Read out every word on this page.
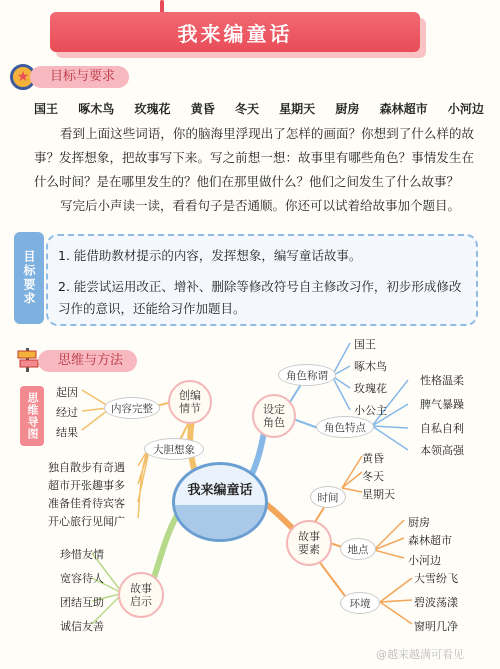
我来编童话
★	目标与要求
国王 啄木鸟 玫瑰花 黄昏 冬天 星期天 厨房 森林超市 小河边

看到上面这些词语，你的脑海里浮现出了怎样的画面？你想到了什么样的故事？发挥想象，把故事写下来。写之前想一想：故事里有哪些角色？事情发生在什么时间？是在哪里发生的？他们在那里做什么？他们之间发生了什么故事？

写完后小声读一读，看看句子是否通顺。你还可以试着给故事加个题目。

目标要求	1. 能借助教材提示的内容，发挥想象，编写童话故事。
2. 能尝试运用改正、增补、删除等修改符号自主修改习作，初步形成修改习作的意识，还能给习作加题目。
思维与方法
思维导图
我来编童话
创编情节
内容完整
起因
经过
结果
大胆想象
独自散步有奇遇
超市开张趣事多
准备佳肴待宾客
开心旅行见闻广
故事启示
珍惜友情
宽容待人
团结互助
诚信友善
设定角色
角色称谓
国王
啄木鸟
玫瑰花
小公主
角色特点
性格温柔
脾气暴躁
自私自利
本领高强
故事要素
时间
黄昏
冬天
星期天
地点
厨房
森林超市
小河边
环境
大雪纷飞
碧波荡漾
窗明几净
@越来越满可看见
